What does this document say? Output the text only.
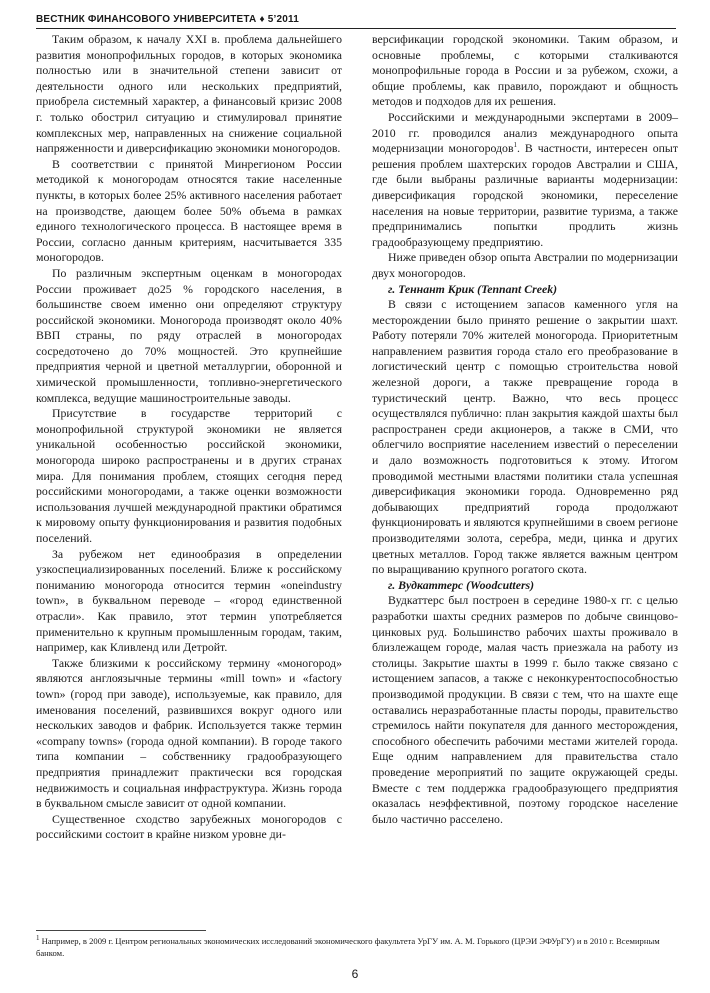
ВЕСТНИК ФИНАНСОВОГО УНИВЕРСИТЕТА ♦ 5’2011

Таким образом, к началу XXI в. проблема дальнейшего развития монопрофильных городов, в которых экономика полностью или в значительной степени зависит от деятельности одного или нескольких предприятий, приобрела системный характер, а финансовый кризис 2008 г. только обострил ситуацию и стимулировал принятие комплексных мер, направленных на снижение социальной напряженности и диверсификацию экономики моногородов.

В соответствии с принятой Минрегионом России методикой к моногородам относятся такие населенные пункты, в которых более 25% активного населения работает на производстве, дающем более 50% объема в рамках единого технологического процесса. В настоящее время в России, согласно данным критериям, насчитывается 335 моногородов.

По различным экспертным оценкам в моногородах России проживает до25 % городского населения, в большинстве своем именно они определяют структуру российской экономики. Моногорода производят около 40% ВВП страны, по ряду отраслей в моногородах сосредоточено до 70% мощностей. Это крупнейшие предприятия черной и цветной металлургии, оборонной и химической промышленности, топливно-энергетического комплекса, ведущие машиностроительные заводы.

Присутствие в государстве территорий с монопрофильной структурой экономики не является уникальной особенностью российской экономики, моногорода широко распространены и в других странах мира. Для понимания проблем, стоящих сегодня перед российскими моногородами, а также оценки возможности использования лучшей международной практики обратимся к мировому опыту функционирования и развития подобных поселений.

За рубежом нет единообразия в определении узкоспециализированных поселений. Ближе к российскому пониманию моногорода относится термин «oneindustry town», в буквальном переводе – «город единственной отрасли». Как правило, этот термин употребляется применительно к крупным промышленным городам, таким, например, как Кливленд или Детройт.

Также близкими к российскому термину «моногород» являются англоязычные термины «mill town» и «factory town» (город при заводе), используемые, как правило, для именования поселений, развившихся вокруг одного или нескольких заводов и фабрик. Используется также термин «company towns» (города одной компании). В городе такого типа компании – собственнику градообразующего предприятия принадлежит практически вся городская недвижимость и социальная инфраструктура. Жизнь города в буквальном смысле зависит от одной компании.

Существенное сходство зарубежных моногородов с российскими состоит в крайне низком уровне ди-

версификации городской экономики. Таким образом, и основные проблемы, с которыми сталкиваются монопрофильные города в России и за рубежом, схожи, а общие проблемы, как правило, порождают и общность методов и подходов для их решения.

Российскими и международными экспертами в 2009–2010 гг. проводился анализ международного опыта модернизации моногородов$^1$. В частности, интересен опыт решения проблем шахтерских городов Австралии и США, где были выбраны различные варианты модернизации: диверсификация городской экономики, переселение населения на новые территории, развитие туризма, а также предпринимались попытки продлить жизнь градообразующему предприятию.

Ниже приведен обзор опыта Австралии по модернизации двух моногородов.

г. Теннант Крик (Tennant Creek)

В связи с истощением запасов каменного угля на месторождении было принято решение о закрытии шахт. Работу потеряли 70% жителей моногорода. Приоритетным направлением развития города стало его преобразование в логистический центр с помощью строительства новой железной дороги, а также превращение города в туристический центр. Важно, что весь процесс осуществлялся публично: план закрытия каждой шахты был распространен среди акционеров, а также в СМИ, что облегчило восприятие населением известий о переселении и дало возможность подготовиться к этому. Итогом проводимой местными властями политики стала успешная диверсификация экономики города. Одновременно ряд добывающих предприятий города продолжают функционировать и являются крупнейшими в своем регионе производителями золота, серебра, меди, цинка и других цветных металлов. Город также является важным центром по выращиванию крупного рогатого скота.

г. Вудкаттерс (Woodcutters)

Вудкаттерс был построен в середине 1980-х гг. с целью разработки шахты средних размеров по добыче свинцово-цинковых руд. Большинство рабочих шахты проживало в близлежащем городе, малая часть приезжала на работу из столицы. Закрытие шахты в 1999 г. было также связано с истощением запасов, а также с неконкурентоспособностью производимой продукции. В связи с тем, что на шахте еще оставались неразработанные пласты породы, правительство стремилось найти покупателя для данного месторождения, способного обеспечить рабочими местами жителей города. Еще одним направлением для правительства стало проведение мероприятий по защите окружающей среды. Вместе с тем поддержка градообразующего предприятия оказалась неэффективной, поэтому городское население было частично расселено.

$^1$ Например, в 2009 г. Центром региональных экономических исследований экономического факультета УрГУ им. А. М. Горького (ЦРЭИ ЭФУрГУ) и в 2010 г. Всемирным банком.
6
